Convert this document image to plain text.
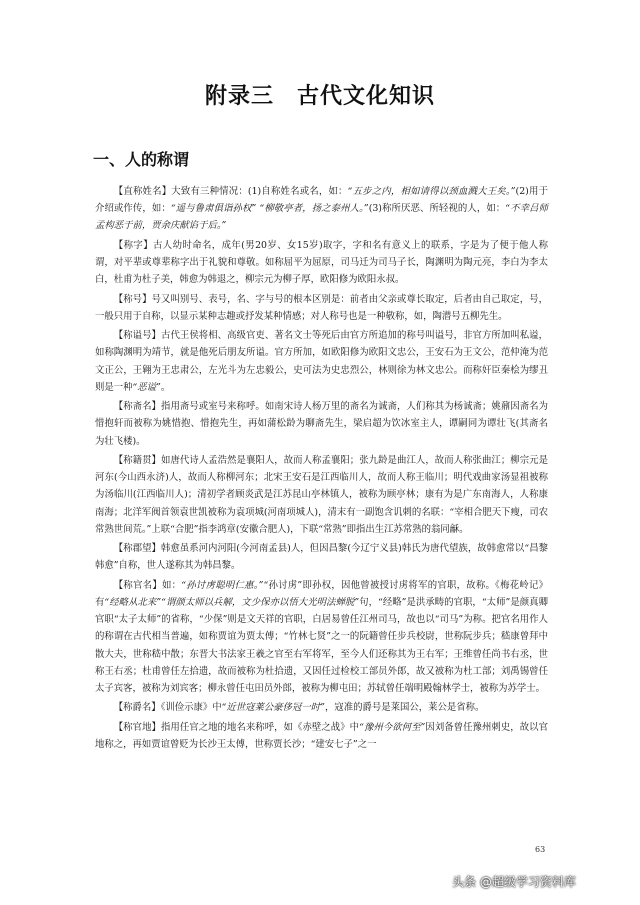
附录三　古代文化知识
一、人的称谓

【直称姓名】大致有三种情况：(1)自称姓名或名，如：“五步之内，相如请得以颈血溅大王矣。”(2)用于介绍或作传，如：“遥与鲁肃俱诣孙权” “柳敬亭者，扬之泰州人。”(3)称所厌恶、所轻视的人，如：“不幸吕师孟构恶于前，贾余庆献谄于后。”

【称字】古人幼时命名，成年(男20岁、女15岁)取字，字和名有意义上的联系，字是为了便于他人称谓，对平辈或尊辈称字出于礼貌和尊敬。如称屈平为屈原，司马迁为司马子长，陶渊明为陶元亮，李白为李太白，杜甫为杜子美，韩愈为韩退之，柳宗元为柳子厚，欧阳修为欧阳永叔。

【称号】号又叫别号、表号，名、字与号的根本区别是：前者由父亲或尊长取定，后者由自己取定，号，一般只用于自称，以显示某种志趣或抒发某种情感；对人称号也是一种敬称，如，陶潜号五柳先生。

【称谥号】古代王侯将相、高级官吏、著名文士等死后由官方所追加的称号叫谥号，非官方所加叫私谥，如称陶渊明为靖节，就是他死后朋友所谥。官方所加，如欧阳修为欧阳文忠公，王安石为王文公，范仲淹为范文正公，王翱为王忠肃公，左光斗为左忠毅公，史可法为史忠烈公，林则徐为林文忠公。而称奸臣秦桧为缪丑则是一种“恶谥”。

【称斋名】指用斋号或室号来称呼。如南宋诗人杨万里的斋名为诚斋，人们称其为杨诚斋；姚鼐因斋名为惜抱轩而被称为姚惜抱、惜抱先生，再如蒲松龄为聊斋先生，梁启超为饮冰室主人，谭嗣同为谭壮飞(其斋名为壮飞楼)。

【称籍贯】如唐代诗人孟浩然是襄阳人，故而人称孟襄阳；张九龄是曲江人，故而人称张曲江；柳宗元是河东(今山西永济)人，故而人称柳河东；北宋王安石是江西临川人，故而人称王临川；明代戏曲家汤显祖被称为汤临川(江西临川人)；清初学者顾炎武是江苏昆山亭林镇人，被称为顾亭林；康有为是广东南海人，人称康南海；北洋军阀首领袁世凯被称为袁项城(河南项城人)，清末有一副饱含讥刺的名联：“宰相合肥天下瘦，司农常熟世间荒。”上联“合肥”指李鸿章(安徽合肥人)，下联“常熟”即指出生江苏常熟的翁同龢。

【称郡望】韩愈虽系河内河阳(今河南孟县)人，但因昌黎(今辽宁义县)韩氏为唐代望族，故韩愈常以“昌黎韩愈”自称，世人遂称其为韩昌黎。

【称官名】如：“孙讨虏聪明仁惠。”“孙讨虏”即孙权，因他曾被授讨虏将军的官职，故称。《梅花岭记》有“经略从北来”“谓颜太师以兵解，文少保亦以悟大光明法蝉脱”句，“经略”是洪承畴的官职，“太师”是颜真卿官职“太子太师”的省称，“少保”则是文天祥的官职，白居易曾任江州司马，故也以“司马”为称。把官名用作人的称谓在古代相当普遍，如称贾谊为贾太傅；“竹林七贤”之一的阮籍曾任步兵校尉，世称阮步兵；嵇康曾拜中散大夫，世称嵇中散；东晋大书法家王羲之官至右军将军，至今人们还称其为王右军；王维曾任尚书右丞，世称王右丞；杜甫曾任左拾遗，故而被称为杜拾遗，又因任过检校工部员外郎，故又被称为杜工部；刘禹锡曾任太子宾客，被称为刘宾客；柳永曾任屯田员外郎，被称为柳屯田；苏轼曾任端明殿翰林学士，被称为苏学士。

【称爵名】《训俭示康》中“近世寇莱公豪侈冠一时”，寇准的爵号是莱国公，莱公是省称。

【称官地】指用任官之地的地名来称呼，如《赤壁之战》中“豫州今欲何至”因刘备曾任豫州刺史，故以官地称之，再如贾谊曾贬为长沙王太傅，世称贾长沙；“建安七子”之一

63
头条 @超级学习资料库
